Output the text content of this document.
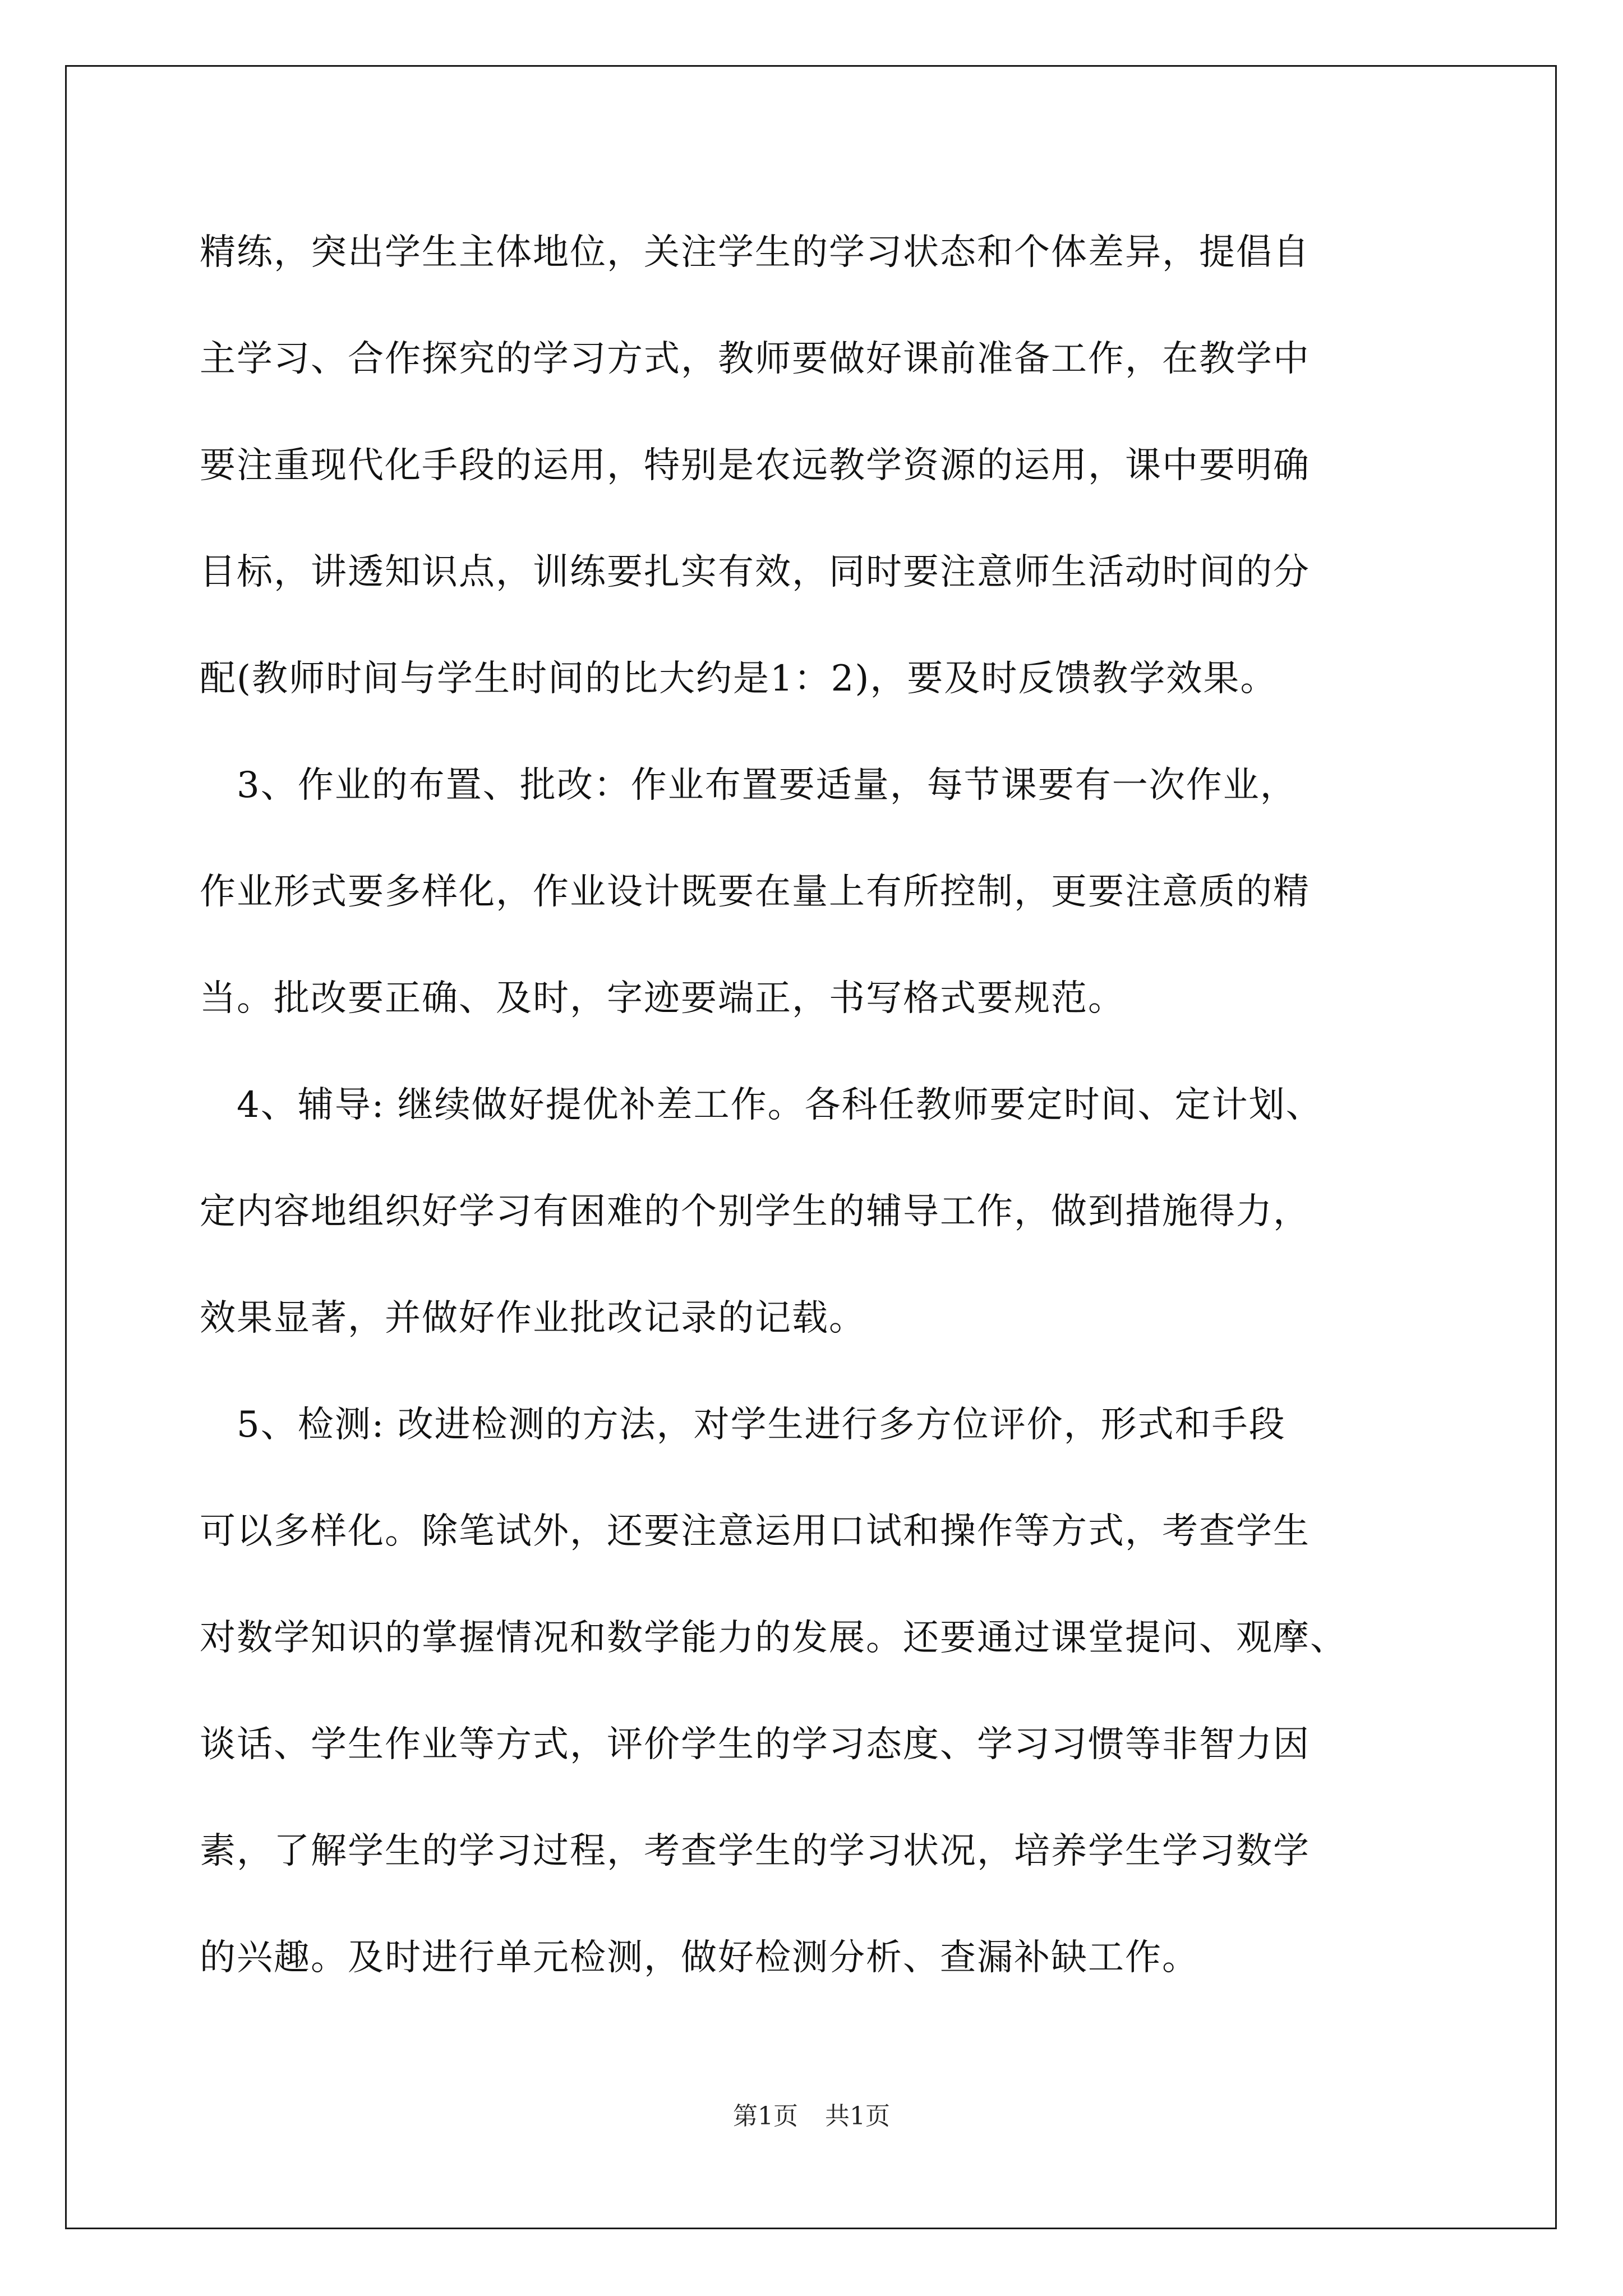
精练，突出学生主体地位，关注学生的学习状态和个体差异，提倡自
主学习、合作探究的学习方式，教师要做好课前准备工作，在教学中
要注重现代化手段的运用，特别是农远教学资源的运用，课中要明确
目标，讲透知识点，训练要扎实有效，同时要注意师生活动时间的分
配(教师时间与学生时间的比大约是1：2)，要及时反馈教学效果。
　3、作业的布置、批改：作业布置要适量，每节课要有一次作业，
作业形式要多样化，作业设计既要在量上有所控制，更要注意质的精
当。批改要正确、及时，字迹要端正，书写格式要规范。
　4、辅导: 继续做好提优补差工作。各科任教师要定时间、定计划、
定内容地组织好学习有困难的个别学生的辅导工作，做到措施得力，
效果显著，并做好作业批改记录的记载。
　5、检测: 改进检测的方法，对学生进行多方位评价，形式和手段
可以多样化。除笔试外，还要注意运用口试和操作等方式，考查学生
对数学知识的掌握情况和数学能力的发展。还要通过课堂提问、观摩、
谈话、学生作业等方式，评价学生的学习态度、学习习惯等非智力因
素，了解学生的学习过程，考查学生的学习状况，培养学生学习数学
的兴趣。及时进行单元检测，做好检测分析、查漏补缺工作。
第1页 共1页
